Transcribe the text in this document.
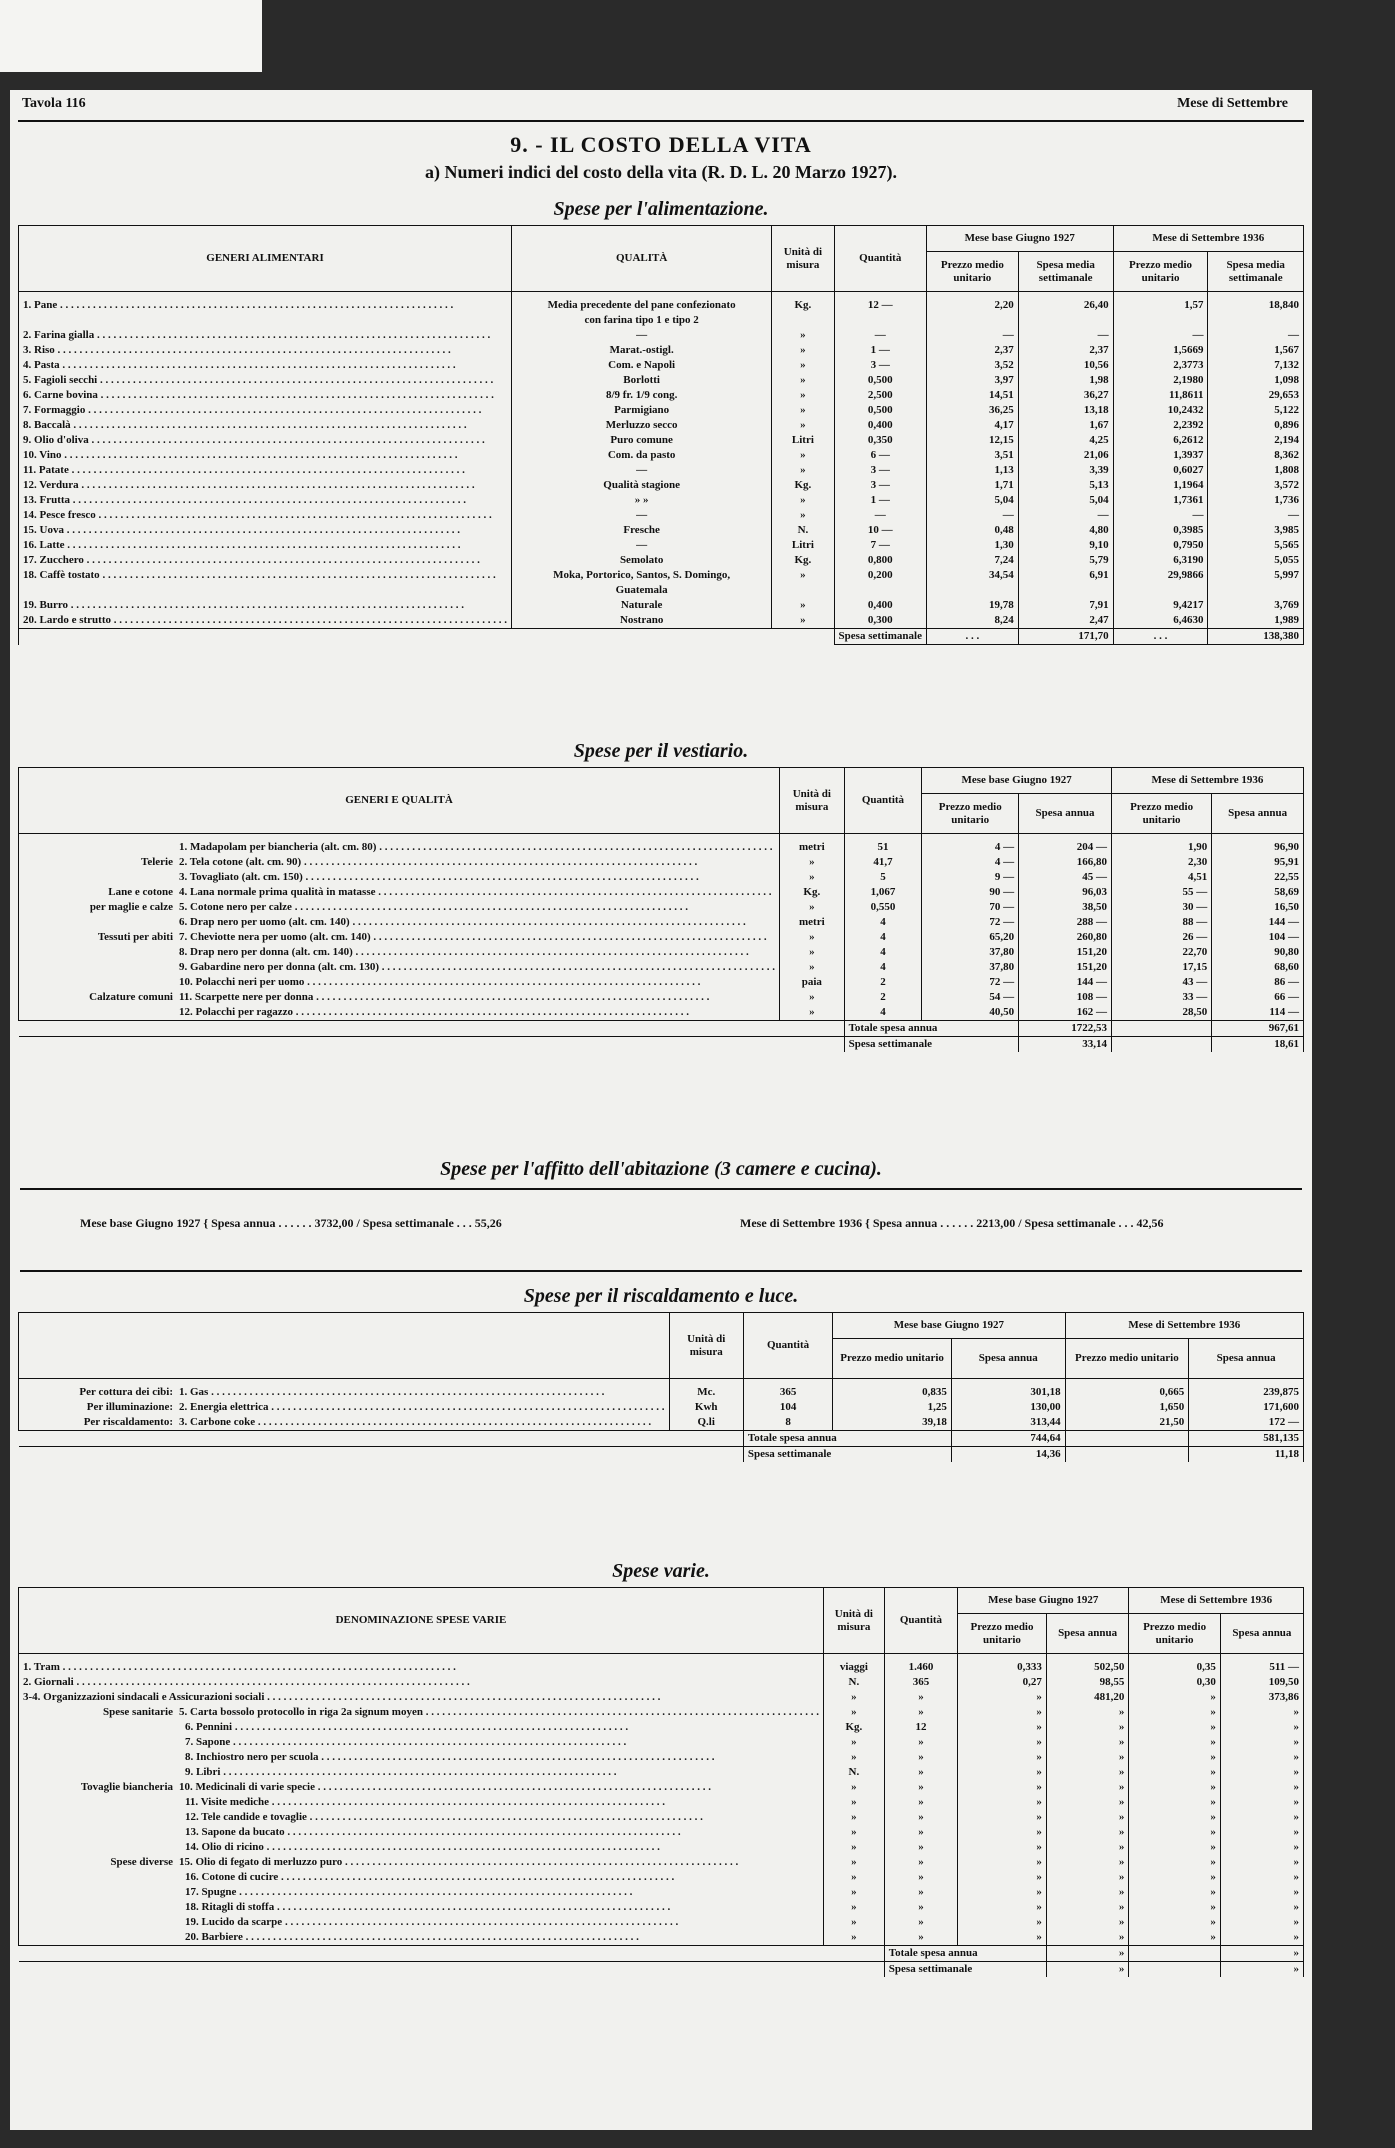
Tavola 116	Mese di Settembre
9. - IL COSTO DELLA VITA
a) Numeri indici del costo della vita (R. D. L. 20 Marzo 1927).
Spese per l'alimentazione.
GENERI ALIMENTARI	QUALITÀ	Unità di misura	Quantità	Mese base Giugno 1927		Mese di Settembre 1936	
				Prezzo medio unitario	Spesa media settimanale	Prezzo medio unitario	Spesa media settimanale
1. Pane . . . . . . . . . . . . . . . . . . . . . . . . . . . . . . . . . . . . . . . . . . . . . . . . . . . . . . . . . . . . . . . . . . . . . . . .	Media precedente del pane confezionato	Kg.	12 —	2,20	26,40	1,57	18,840
	con farina tipo 1 e tipo 2						
2. Farina gialla . . . . . . . . . . . . . . . . . . . . . . . . . . . . . . . . . . . . . . . . . . . . . . . . . . . . . . . . . . . . . . . . . . . . . . . .	—	»	—	—	—	—	—
3. Riso . . . . . . . . . . . . . . . . . . . . . . . . . . . . . . . . . . . . . . . . . . . . . . . . . . . . . . . . . . . . . . . . . . . . . . . .	Marat.-ostigl.	»	1 —	2,37	2,37	1,5669	1,567
4. Pasta . . . . . . . . . . . . . . . . . . . . . . . . . . . . . . . . . . . . . . . . . . . . . . . . . . . . . . . . . . . . . . . . . . . . . . . .	Com. e Napoli	»	3 —	3,52	10,56	2,3773	7,132
5. Fagioli secchi . . . . . . . . . . . . . . . . . . . . . . . . . . . . . . . . . . . . . . . . . . . . . . . . . . . . . . . . . . . . . . . . . . . . . . . .	Borlotti	»	0,500	3,97	1,98	2,1980	1,098
6. Carne bovina . . . . . . . . . . . . . . . . . . . . . . . . . . . . . . . . . . . . . . . . . . . . . . . . . . . . . . . . . . . . . . . . . . . . . . . .	8/9 fr. 1/9 cong.	»	2,500	14,51	36,27	11,8611	29,653
7. Formaggio . . . . . . . . . . . . . . . . . . . . . . . . . . . . . . . . . . . . . . . . . . . . . . . . . . . . . . . . . . . . . . . . . . . . . . . .	Parmigiano	»	0,500	36,25	13,18	10,2432	5,122
8. Baccalà . . . . . . . . . . . . . . . . . . . . . . . . . . . . . . . . . . . . . . . . . . . . . . . . . . . . . . . . . . . . . . . . . . . . . . . .	Merluzzo secco	»	0,400	4,17	1,67	2,2392	0,896
9. Olio d'oliva . . . . . . . . . . . . . . . . . . . . . . . . . . . . . . . . . . . . . . . . . . . . . . . . . . . . . . . . . . . . . . . . . . . . . . . .	Puro comune	Litri	0,350	12,15	4,25	6,2612	2,194
10. Vino . . . . . . . . . . . . . . . . . . . . . . . . . . . . . . . . . . . . . . . . . . . . . . . . . . . . . . . . . . . . . . . . . . . . . . . .	Com. da pasto	»	6 —	3,51	21,06	1,3937	8,362
11. Patate . . . . . . . . . . . . . . . . . . . . . . . . . . . . . . . . . . . . . . . . . . . . . . . . . . . . . . . . . . . . . . . . . . . . . . . .	—	»	3 —	1,13	3,39	0,6027	1,808
12. Verdura . . . . . . . . . . . . . . . . . . . . . . . . . . . . . . . . . . . . . . . . . . . . . . . . . . . . . . . . . . . . . . . . . . . . . . . .	Qualità stagione	Kg.	3 —	1,71	5,13	1,1964	3,572
13. Frutta . . . . . . . . . . . . . . . . . . . . . . . . . . . . . . . . . . . . . . . . . . . . . . . . . . . . . . . . . . . . . . . . . . . . . . . .	» »	»	1 —	5,04	5,04	1,7361	1,736
14. Pesce fresco . . . . . . . . . . . . . . . . . . . . . . . . . . . . . . . . . . . . . . . . . . . . . . . . . . . . . . . . . . . . . . . . . . . . . . . .	—	»	—	—	—	—	—
15. Uova . . . . . . . . . . . . . . . . . . . . . . . . . . . . . . . . . . . . . . . . . . . . . . . . . . . . . . . . . . . . . . . . . . . . . . . .	Fresche	N.	10 —	0,48	4,80	0,3985	3,985
16. Latte . . . . . . . . . . . . . . . . . . . . . . . . . . . . . . . . . . . . . . . . . . . . . . . . . . . . . . . . . . . . . . . . . . . . . . . .	—	Litri	7 —	1,30	9,10	0,7950	5,565
17. Zucchero . . . . . . . . . . . . . . . . . . . . . . . . . . . . . . . . . . . . . . . . . . . . . . . . . . . . . . . . . . . . . . . . . . . . . . . .	Semolato	Kg.	0,800	7,24	5,79	6,3190	5,055
18. Caffè tostato . . . . . . . . . . . . . . . . . . . . . . . . . . . . . . . . . . . . . . . . . . . . . . . . . . . . . . . . . . . . . . . . . . . . . . . .	Moka, Portorico, Santos, S. Domingo,	»	0,200	34,54	6,91	29,9866	5,997
	Guatemala						
19. Burro . . . . . . . . . . . . . . . . . . . . . . . . . . . . . . . . . . . . . . . . . . . . . . . . . . . . . . . . . . . . . . . . . . . . . . . .	Naturale	»	0,400	19,78	7,91	9,4217	3,769
20. Lardo e strutto . . . . . . . . . . . . . . . . . . . . . . . . . . . . . . . . . . . . . . . . . . . . . . . . . . . . . . . . . . . . . . . . . . . . . . . .	Nostrano	»	0,300	8,24	2,47	6,4630	1,989
			Spesa settimanale	. . .	171,70	. . .	138,380
Spese per il vestiario.
GENERI E QUALITÀ	Unità di misura	Quantità	Mese base Giugno 1927		Mese di Settembre 1936	
			Prezzo medio unitario	Spesa annua	Prezzo medio unitario	Spesa annua
1. Madapolam per biancheria (alt. cm. 80) . . . . . . . . . . . . . . . . . . . . . . . . . . . . . . . . . . . . . . . . . . . . . . . . . . . . . . . . . . . . . . . . . . . . . . . .	metri	51	4 —	204 —	1,90	96,90
Telerie 2. Tela cotone (alt. cm. 90) . . . . . . . . . . . . . . . . . . . . . . . . . . . . . . . . . . . . . . . . . . . . . . . . . . . . . . . . . . . . . . . . . . . . . . . .	»	41,7	4 —	166,80	2,30	95,91
3. Tovagliato (alt. cm. 150) . . . . . . . . . . . . . . . . . . . . . . . . . . . . . . . . . . . . . . . . . . . . . . . . . . . . . . . . . . . . . . . . . . . . . . . .	»	5	9 —	45 —	4,51	22,55
Lane e cotone 4. Lana normale prima qualità in matasse . . . . . . . . . . . . . . . . . . . . . . . . . . . . . . . . . . . . . . . . . . . . . . . . . . . . . . . . . . . . . . . . . . . . . . . .	Kg.	1,067	90 —	96,03	55 —	58,69
per maglie e calze 5. Cotone nero per calze . . . . . . . . . . . . . . . . . . . . . . . . . . . . . . . . . . . . . . . . . . . . . . . . . . . . . . . . . . . . . . . . . . . . . . . .	»	0,550	70 —	38,50	30 —	16,50
6. Drap nero per uomo (alt. cm. 140) . . . . . . . . . . . . . . . . . . . . . . . . . . . . . . . . . . . . . . . . . . . . . . . . . . . . . . . . . . . . . . . . . . . . . . . .	metri	4	72 —	288 —	88 —	144 —
Tessuti per abiti 7. Cheviotte nera per uomo (alt. cm. 140) . . . . . . . . . . . . . . . . . . . . . . . . . . . . . . . . . . . . . . . . . . . . . . . . . . . . . . . . . . . . . . . . . . . . . . . .	»	4	65,20	260,80	26 —	104 —
8. Drap nero per donna (alt. cm. 140) . . . . . . . . . . . . . . . . . . . . . . . . . . . . . . . . . . . . . . . . . . . . . . . . . . . . . . . . . . . . . . . . . . . . . . . .	»	4	37,80	151,20	22,70	90,80
9. Gabardine nero per donna (alt. cm. 130) . . . . . . . . . . . . . . . . . . . . . . . . . . . . . . . . . . . . . . . . . . . . . . . . . . . . . . . . . . . . . . . . . . . . . . . .	»	4	37,80	151,20	17,15	68,60
10. Polacchi neri per uomo . . . . . . . . . . . . . . . . . . . . . . . . . . . . . . . . . . . . . . . . . . . . . . . . . . . . . . . . . . . . . . . . . . . . . . . .	paia	2	72 —	144 —	43 —	86 —
Calzature comuni 11. Scarpette nere per donna . . . . . . . . . . . . . . . . . . . . . . . . . . . . . . . . . . . . . . . . . . . . . . . . . . . . . . . . . . . . . . . . . . . . . . . .	»	2	54 —	108 —	33 —	66 —
12. Polacchi per ragazzo . . . . . . . . . . . . . . . . . . . . . . . . . . . . . . . . . . . . . . . . . . . . . . . . . . . . . . . . . . . . . . . . . . . . . . . .	»	4	40,50	162 —	28,50	114 —
		Totale spesa annua		1722,53		967,61
		Spesa settimanale		33,14		18,61
Spese per l'affitto dell'abitazione (3 camere e cucina).
Mese base Giugno 1927 { Spesa annua . . . . . . 3732,00 / Spesa settimanale . . . 55,26	Mese di Settembre 1936 { Spesa annua . . . . . . 2213,00 / Spesa settimanale . . . 42,56
Spese per il riscaldamento e luce.
	Unità di misura	Quantità	Mese base Giugno 1927		Mese di Settembre 1936	
			Prezzo medio unitario	Spesa annua	Prezzo medio unitario	Spesa annua
Per cottura dei cibi: 1. Gas . . . . . . . . . . . . . . . . . . . . . . . . . . . . . . . . . . . . . . . . . . . . . . . . . . . . . . . . . . . . . . . . . . . . . . . .	Mc.	365	0,835	301,18	0,665	239,875
Per illuminazione: 2. Energia elettrica . . . . . . . . . . . . . . . . . . . . . . . . . . . . . . . . . . . . . . . . . . . . . . . . . . . . . . . . . . . . . . . . . . . . . . . .	Kwh	104	1,25	130,00	1,650	171,600
Per riscaldamento: 3. Carbone coke . . . . . . . . . . . . . . . . . . . . . . . . . . . . . . . . . . . . . . . . . . . . . . . . . . . . . . . . . . . . . . . . . . . . . . . .	Q.li	8	39,18	313,44	21,50	172 —
		Totale spesa annua		744,64		581,135
		Spesa settimanale		14,36		11,18
Spese varie.
DENOMINAZIONE SPESE VARIE	Unità di misura	Quantità	Mese base Giugno 1927		Mese di Settembre 1936	
			Prezzo medio unitario	Spesa annua	Prezzo medio unitario	Spesa annua
1. Tram . . . . . . . . . . . . . . . . . . . . . . . . . . . . . . . . . . . . . . . . . . . . . . . . . . . . . . . . . . . . . . . . . . . . . . . .	viaggi	1.460	0,333	502,50	0,35	511 —
2. Giornali . . . . . . . . . . . . . . . . . . . . . . . . . . . . . . . . . . . . . . . . . . . . . . . . . . . . . . . . . . . . . . . . . . . . . . . .	N.	365	0,27	98,55	0,30	109,50
3-4. Organizzazioni sindacali e Assicurazioni sociali . . . . . . . . . . . . . . . . . . . . . . . . . . . . . . . . . . . . . . . . . . . . . . . . . . . . . . . . . . . . . . . . . . . . . . . .	»	»	»	481,20	»	373,86
Spese sanitarie 5. Carta bossolo protocollo in riga 2a signum moyen . . . . . . . . . . . . . . . . . . . . . . . . . . . . . . . . . . . . . . . . . . . . . . . . . . . . . . . . . . . . . . . . . . . . . . . .	»	»	»	»	»	»
6. Pennini . . . . . . . . . . . . . . . . . . . . . . . . . . . . . . . . . . . . . . . . . . . . . . . . . . . . . . . . . . . . . . . . . . . . . . . .	Kg.	12	»	»	»	»
7. Sapone . . . . . . . . . . . . . . . . . . . . . . . . . . . . . . . . . . . . . . . . . . . . . . . . . . . . . . . . . . . . . . . . . . . . . . . .	»	»	»	»	»	»
8. Inchiostro nero per scuola . . . . . . . . . . . . . . . . . . . . . . . . . . . . . . . . . . . . . . . . . . . . . . . . . . . . . . . . . . . . . . . . . . . . . . . .	»	»	»	»	»	»
9. Libri . . . . . . . . . . . . . . . . . . . . . . . . . . . . . . . . . . . . . . . . . . . . . . . . . . . . . . . . . . . . . . . . . . . . . . . .	N.	»	»	»	»	»
Tovaglie biancheria 10. Medicinali di varie specie . . . . . . . . . . . . . . . . . . . . . . . . . . . . . . . . . . . . . . . . . . . . . . . . . . . . . . . . . . . . . . . . . . . . . . . .	»	»	»	»	»	»
11. Visite mediche . . . . . . . . . . . . . . . . . . . . . . . . . . . . . . . . . . . . . . . . . . . . . . . . . . . . . . . . . . . . . . . . . . . . . . . .	»	»	»	»	»	»
12. Tele candide e tovaglie . . . . . . . . . . . . . . . . . . . . . . . . . . . . . . . . . . . . . . . . . . . . . . . . . . . . . . . . . . . . . . . . . . . . . . . .	»	»	»	»	»	»
13. Sapone da bucato . . . . . . . . . . . . . . . . . . . . . . . . . . . . . . . . . . . . . . . . . . . . . . . . . . . . . . . . . . . . . . . . . . . . . . . .	»	»	»	»	»	»
14. Olio di ricino . . . . . . . . . . . . . . . . . . . . . . . . . . . . . . . . . . . . . . . . . . . . . . . . . . . . . . . . . . . . . . . . . . . . . . . .	»	»	»	»	»	»
Spese diverse 15. Olio di fegato di merluzzo puro . . . . . . . . . . . . . . . . . . . . . . . . . . . . . . . . . . . . . . . . . . . . . . . . . . . . . . . . . . . . . . . . . . . . . . . .	»	»	»	»	»	»
16. Cotone di cucire . . . . . . . . . . . . . . . . . . . . . . . . . . . . . . . . . . . . . . . . . . . . . . . . . . . . . . . . . . . . . . . . . . . . . . . .	»	»	»	»	»	»
17. Spugne . . . . . . . . . . . . . . . . . . . . . . . . . . . . . . . . . . . . . . . . . . . . . . . . . . . . . . . . . . . . . . . . . . . . . . . .	»	»	»	»	»	»
18. Ritagli di stoffa . . . . . . . . . . . . . . . . . . . . . . . . . . . . . . . . . . . . . . . . . . . . . . . . . . . . . . . . . . . . . . . . . . . . . . . .	»	»	»	»	»	»
19. Lucido da scarpe . . . . . . . . . . . . . . . . . . . . . . . . . . . . . . . . . . . . . . . . . . . . . . . . . . . . . . . . . . . . . . . . . . . . . . . .	»	»	»	»	»	»
20. Barbiere . . . . . . . . . . . . . . . . . . . . . . . . . . . . . . . . . . . . . . . . . . . . . . . . . . . . . . . . . . . . . . . . . . . . . . . .	»	»	»	»	»	»
		Totale spesa annua		»		»
		Spesa settimanale		»		»
